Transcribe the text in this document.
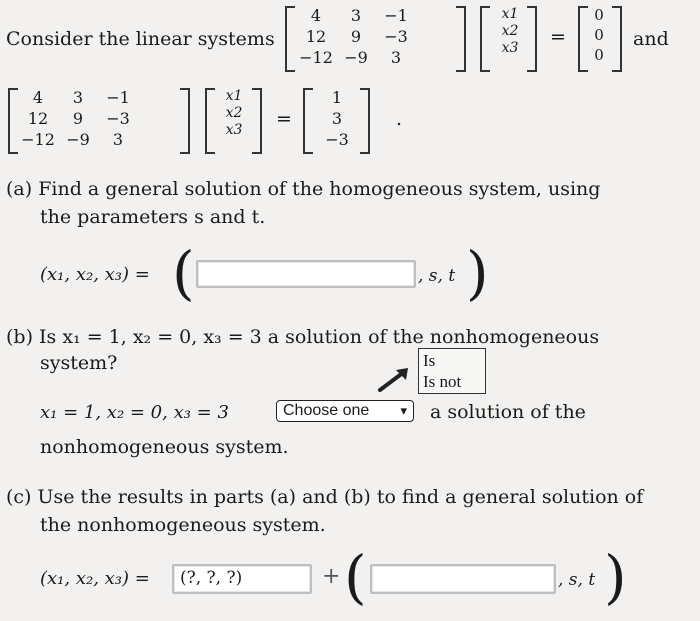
Consider the linear systems
4	3	−1
12	9	−3
−12 −9	3
x1
x2
x3	=
0
0
0
and
4	3	−1
12	9	−3
−12 −9	3
x1
x2
x3	=
1
3
−3
.
(a) Find a general solution of the homogeneous system, using
the parameters s and t.
(x₁, x₂, x₃) = (	, s, t )
(b) Is x₁ = 1, x₂ = 0, x₃ = 3 a solution of the nonhomogeneous
system?	Is
Is not
x₁ = 1, x₂ = 0, x₃ = 3	Choose one ▾ a solution of the
nonhomogeneous system.
(c) Use the results in parts (a) and (b) to find a general solution of
the nonhomogeneous system.
(x₁, x₂, x₃) = (?, ?, ?)	+ (	, s, t )
